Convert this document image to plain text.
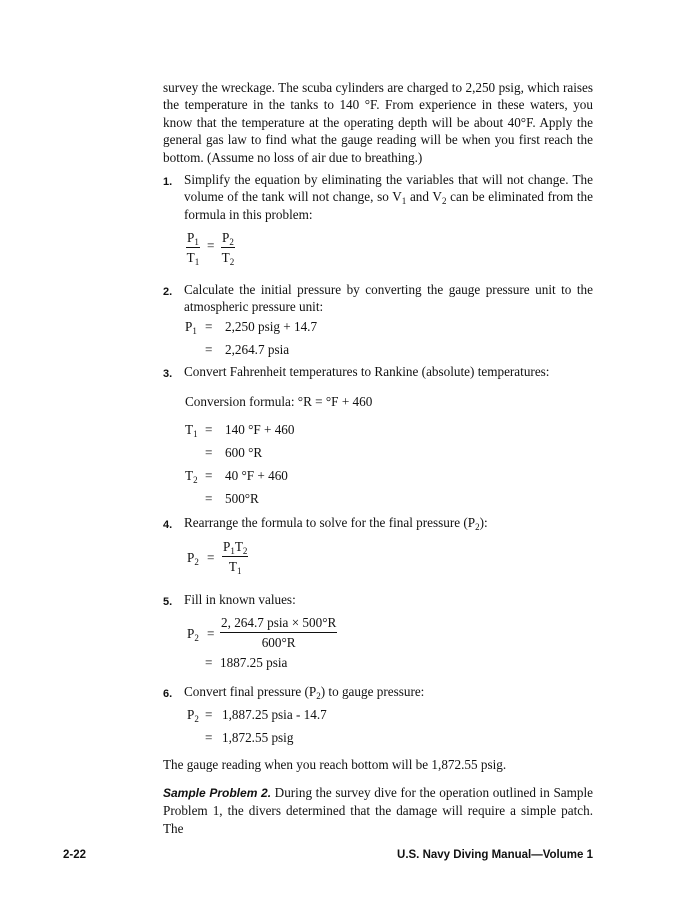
survey the wreckage. The scuba cylinders are charged to 2,250 psig, which raises the temperature in the tanks to 140 °F. From experience in these waters, you know that the temperature at the operating depth will be about 40°F. Apply the general gas law to find what the gauge reading will be when you first reach the bottom. (Assume no loss of air due to breathing.)
1. Simplify the equation by eliminating the variables that will not change. The volume of the tank will not change, so $V_1$ and $V_2$ can be eliminated from the formula in this problem:
$\frac{P_1}{T_1} = \frac{P_2}{T_2}$
2. Calculate the initial pressure by converting the gauge pressure unit to the atmospheric pressure unit:
$P_1 = 2,250$ psig + 14.7
= 2,264.7 psia
3. Convert Fahrenheit temperatures to Rankine (absolute) temperatures:
Conversion formula: °R = °F + 460
$T_1 = 140$ °F + 460
= 600 °R
$T_2 = 40$ °F + 460
= 500°R
4. Rearrange the formula to solve for the final pressure $(P_2)$:
$P_2 = \frac{P_1T_2}{T_1}$
5. Fill in known values:
$P_2$ =
2, 264.7 psia × 500°R
600°R
= 1887.25 psia
6. Convert final pressure $(P_2)$ to gauge pressure:
$P_2 = 1,887.25$ psia - 14.7
= 1,872.55 psig
The gauge reading when you reach bottom will be 1,872.55 psig.
Sample Problem 2. During the survey dive for the operation outlined in Sample Problem 1, the divers determined that the damage will require a simple patch. The
2-22	U.S. Navy Diving Manual—Volume 1
